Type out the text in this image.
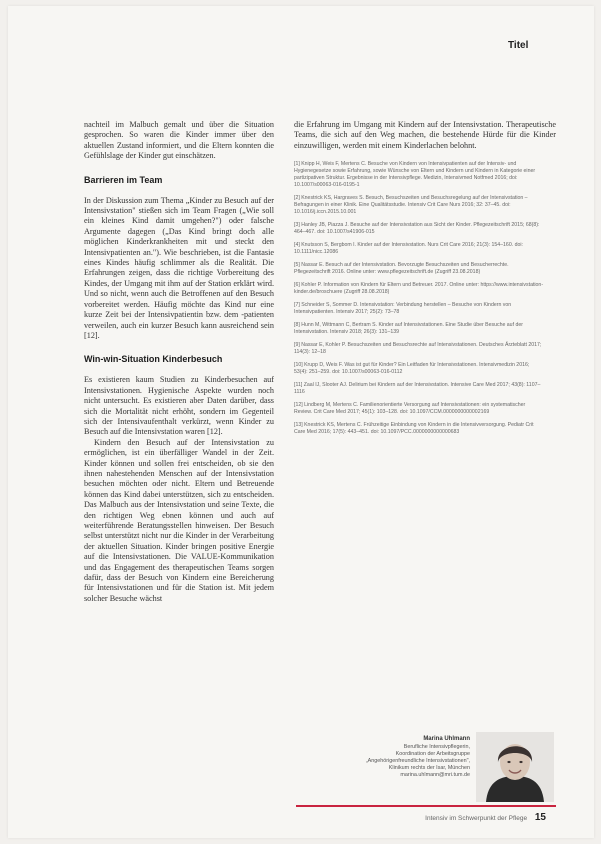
Titel

nachteil im Malbuch gemalt und über die Situation gesprochen. So waren die Kinder immer über den aktuellen Zustand informiert, und die Eltern konnten die Gefühlslage der Kinder gut einschätzen.

Barrieren im Team

In der Diskussion zum Thema „Kinder zu Besuch auf der Intensivstation" stießen sich im Team Fragen („Wie soll ein kleines Kind damit umgehen?") oder falsche Argumente dagegen („Das Kind bringt doch alle möglichen Kinderkrankheiten mit und steckt den Intensivpatienten an."). Wie beschrieben, ist die Fantasie eines Kindes häufig schlimmer als die Realität. Die Erfahrungen zeigen, dass die richtige Vorbereitung des Kindes, der Umgang mit ihm auf der Station erklärt wird. Und so nicht, wenn auch die Betroffenen auf den Besuch vorbereitet werden. Häufig möchte das Kind nur eine kurze Zeit bei der Intensivpatientin bzw. dem -patienten verweilen, auch ein kurzer Besuch kann ausreichend sein [12].

Win-win-Situation Kinderbesuch

Es existieren kaum Studien zu Kinderbesuchen auf Intensivstationen. Hygienische Aspekte wurden noch nicht untersucht. Es existieren aber Daten darüber, dass sich die Mortalität nicht erhöht, sondern im Gegenteil sich der Intensivaufenthalt verkürzt, wenn Kinder zu Besuch auf die Intensivstation waren [12].

Kindern den Besuch auf der Intensivstation zu ermöglichen, ist ein überfälliger Wandel in der Zeit. Kinder können und sollen frei entscheiden, ob sie den ihnen nahestehenden Menschen auf der Intensivstation besuchen möchten oder nicht. Eltern und Betreuende können das Kind dabei unterstützen, sich zu entscheiden. Das Malbuch aus der Intensivstation und seine Texte, die den richtigen Weg ebnen können und auch auf weiterführende Beratungsstellen hinweisen. Der Besuch selbst unterstützt nicht nur die Kinder in der Verarbeitung der aktuellen Situation. Kinder bringen positive Energie auf die Intensivstationen. Die VALUE-Kommunikation und das Engagement des therapeutischen Teams sorgen dafür, dass der Besuch von Kindern eine Bereicherung für Intensivstationen und für die Station ist. Mit jedem solcher Besuche wächst

die Erfahrung im Umgang mit Kindern auf der Intensivstation. Therapeutische Teams, die sich auf den Weg machen, die bestehende Hürde für die Kinder einzuwilligen, werden mit einem Kinderlachen belohnt.

[1] Knipp H, Weis F, Mertens C. Besuche von Kindern von Intensivpatienten auf der Intensiv- und Hygienegesetze sowie Erfahrung, sowie Wünsche von Eltern und Kindern und Kindern in Kategorie einer partizipativen Struktur. Ergebnisse in der Intensivpflege. Medizin, Intensivmed Notfmed 2016; doi: 10.1007/s00063-016-0195-1

[2] Knestrick KS, Hargraves S. Besuch, Besuchszeiten und Besuchsregelung auf der Intensivstation – Befragungen in einer Klinik. Eine Qualitätsstudie. Intensiv Crit Care Nurs 2016; 32: 37–45. doi: 10.1016/j.iccn.2015.10.001

[3] Hanley JB, Piazza J. Besuche auf der Intensivstation aus Sicht der Kinder. Pflegezeitschrift 2015; 68(8): 464–467. doi: 10.1007/s41906-015

[4] Knutsson S, Bergbom I. Kinder auf der Intensivstation. Nurs Crit Care 2016; 21(3): 154–160. doi: 10.1111/nicc.12086

[5] Nassar E. Besuch auf der Intensivstation. Bevorzugte Besuchszeiten und Besucherrechte. Pflegezeitschrift 2016. Online unter: www.pflegezeitschrift.de (Zugriff 23.08.2018)

[6] Kohler P. Information von Kindern für Eltern und Betreuer. 2017. Online unter: https://www.intensivstation-kinder.de/broschuere (Zugriff 28.08.2018)

[7] Schneider S, Sommer D. Intensivstation: Verbindung herstellen – Besuche von Kindern von Intensivpatienten. Intensiv 2017; 25(2): 73–78

[8] Hunn M, Wittmann C, Bertram S. Kinder auf Intensivstationen. Eine Studie über Besuche auf der Intensivstation. Intensiv 2018; 26(3): 131–139

[9] Nassar E, Kohler P. Besuchszeiten und Besuchsrechte auf Intensivstationen. Deutsches Ärzteblatt 2017; 114(3): 12–18

[10] Krupp D, Weis F. Was ist gut für Kinder? Ein Leitfaden für Intensivstationen. Intensivmedizin 2016; 53(4): 251–259. doi: 10.1007/s00063-016-0112

[11] Zaal IJ, Slooter AJ. Delirium bei Kindern auf der Intensivstation. Intensive Care Med 2017; 43(8): 1107–1116

[12] Lindberg M, Mertens C. Familienorientierte Versorgung auf Intensivstationen: ein systematischer Review. Crit Care Med 2017; 45(1): 103–128. doi: 10.1097/CCM.0000000000002169

[13] Knestrick KS, Mertens C. Frühzeitige Einbindung von Kindern in die Intensivversorgung. Pediatr Crit Care Med 2016; 17(5): 443–451. doi: 10.1097/PCC.0000000000000683

Marina Uhlmann
Berufliche Intensivpflegerin,
Koordination der Arbeitsgruppe
„Angehörigenfreundliche Intensivstationen",
Klinikum rechts der Isar, München
marina.uhlmann@mri.tum.de
Intensiv im Schwerpunkt der Pflege 15
